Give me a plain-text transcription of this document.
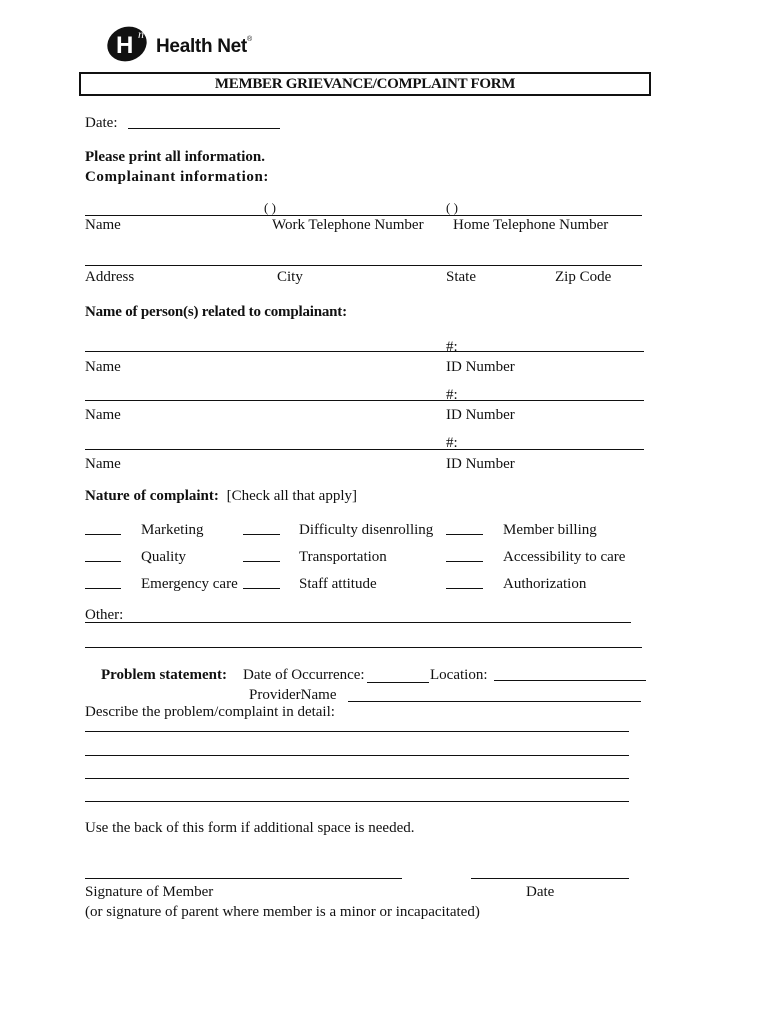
H n
Health Net®
MEMBER GRIEVANCE/COMPLAINT FORM
Date:
Please print all information.
Complainant information:
( )	( )
Name	Work Telephone Number Home Telephone Number
Address	City	State	Zip Code
Name of person(s) related to complainant:
#:
Name	ID Number
#:
Name	ID Number
#:
Name	ID Number
Nature of complaint: [Check all that apply]
Marketing	Difficulty disenrolling	Member billing
Quality	Transportation	Accessibility to care
Emergency care	Staff attitude	Authorization
Other:
Problem statement: Date of Occurrence:	Location:
ProviderName
Describe the problem/complaint in detail:
Use the back of this form if additional space is needed.
Signature of Member	Date
(or signature of parent where member is a minor or incapacitated)
